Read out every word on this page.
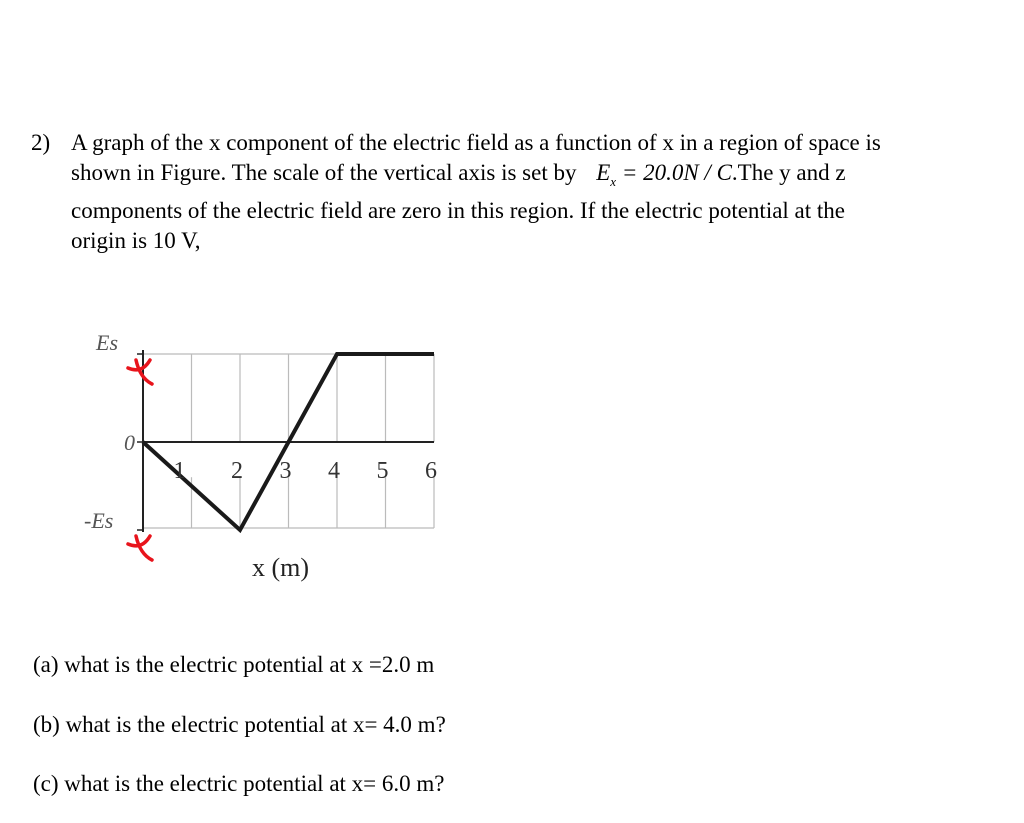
2) A graph of the x component of the electric field as a function of x in a region of space is
shown in Figure. The scale of the vertical axis is set by $E_x = 20.0N / C.The$ y and z
components of the electric field are zero in this region. If the electric potential at the
origin is 10 V,
1 2 3 4 5 6
Es
0
-Es
x (m)
(a) what is the electric potential at x =2.0 m
(b) what is the electric potential at x= 4.0 m?
(c) what is the electric potential at x= 6.0 m?
